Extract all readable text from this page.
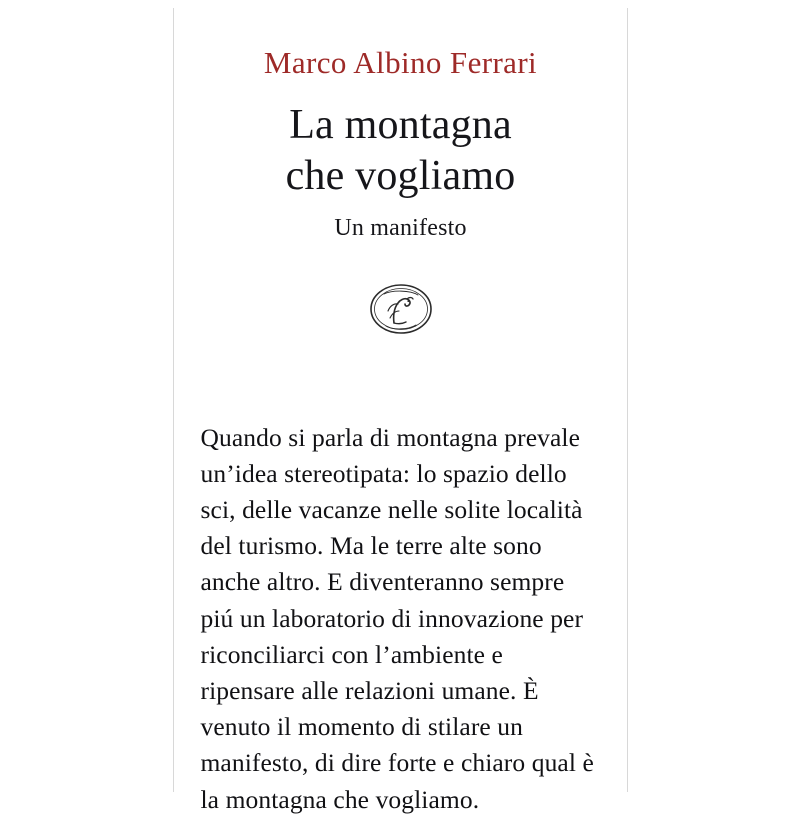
Marco Albino Ferrari
La montagna
che vogliamo
Un manifesto

Quando si parla di montagna prevale un’idea stereotipata: lo spazio dello sci, delle vacanze nelle solite località del turismo. Ma le terre alte sono anche altro. E diventeranno sempre piú un laboratorio di innovazione per riconciliarci con l’ambiente e ripensare alle relazioni umane. È venuto il momento di stilare un manifesto, di dire forte e chiaro qual è la montagna che vogliamo.
